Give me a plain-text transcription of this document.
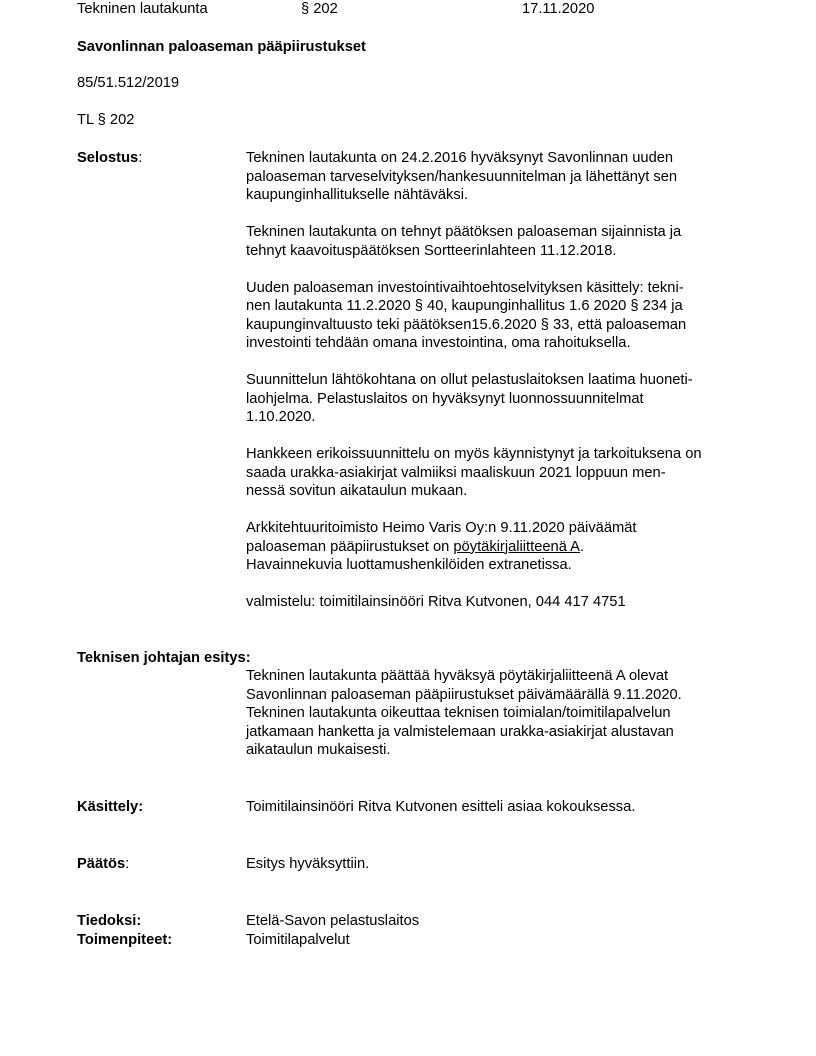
Tekninen lautakunta	§ 202	17.11.2020
Savonlinnan paloaseman pääpiirustukset
85/51.512/2019
TL § 202
Selostus:	Tekninen lautakunta on 24.2.2016 hyväksynyt Savonlinnan uuden
paloaseman tarveselvityksen/hankesuunnitelman ja lähettänyt sen
kaupunginhallitukselle nähtäväksi.

Tekninen lautakunta on tehnyt päätöksen paloaseman sijainnista ja
tehnyt kaavoituspäätöksen Sortteerinlahteen 11.12.2018.

Uuden paloaseman investointivaihtoehtoselvityksen käsittely: tekni-
nen lautakunta 11.2.2020 § 40, kaupunginhallitus 1.6 2020 § 234 ja
kaupunginvaltuusto teki päätöksen15.6.2020 § 33, että paloaseman
investointi tehdään omana investointina, oma rahoituksella.

Suunnittelun lähtökohtana on ollut pelastuslaitoksen laatima huoneti-
laohjelma. Pelastuslaitos on hyväksynyt luonnossuunnitelmat
1.10.2020.

Hankkeen erikoissuunnittelu on myös käynnistynyt ja tarkoituksena on
saada urakka-asiakirjat valmiiksi maaliskuun 2021 loppuun men-
nessä sovitun aikataulun mukaan.

Arkkitehtuuritoimisto Heimo Varis Oy:n 9.11.2020 päiväämät
paloaseman pääpiirustukset on pöytäkirjaliitteenä A.
Havainnekuvia luottamushenkilöiden extranetissa.

valmistelu: toimitilainsinööri Ritva Kutvonen, 044 417 4751

Teknisen johtajan esitys:
Tekninen lautakunta päättää hyväksyä pöytäkirjaliitteenä A olevat
Savonlinnan paloaseman pääpiirustukset päivämäärällä 9.11.2020.
Tekninen lautakunta oikeuttaa teknisen toimialan/toimitilapalvelun
jatkamaan hanketta ja valmistelemaan urakka-asiakirjat alustavan
aikataulun mukaisesti.
Käsittely:	Toimitilainsinööri Ritva Kutvonen esitteli asiaa kokouksessa.
Päätös:	Esitys hyväksyttiin.
Tiedoksi:	Etelä-Savon pelastuslaitos
Toimenpiteet:	Toimitilapalvelut
